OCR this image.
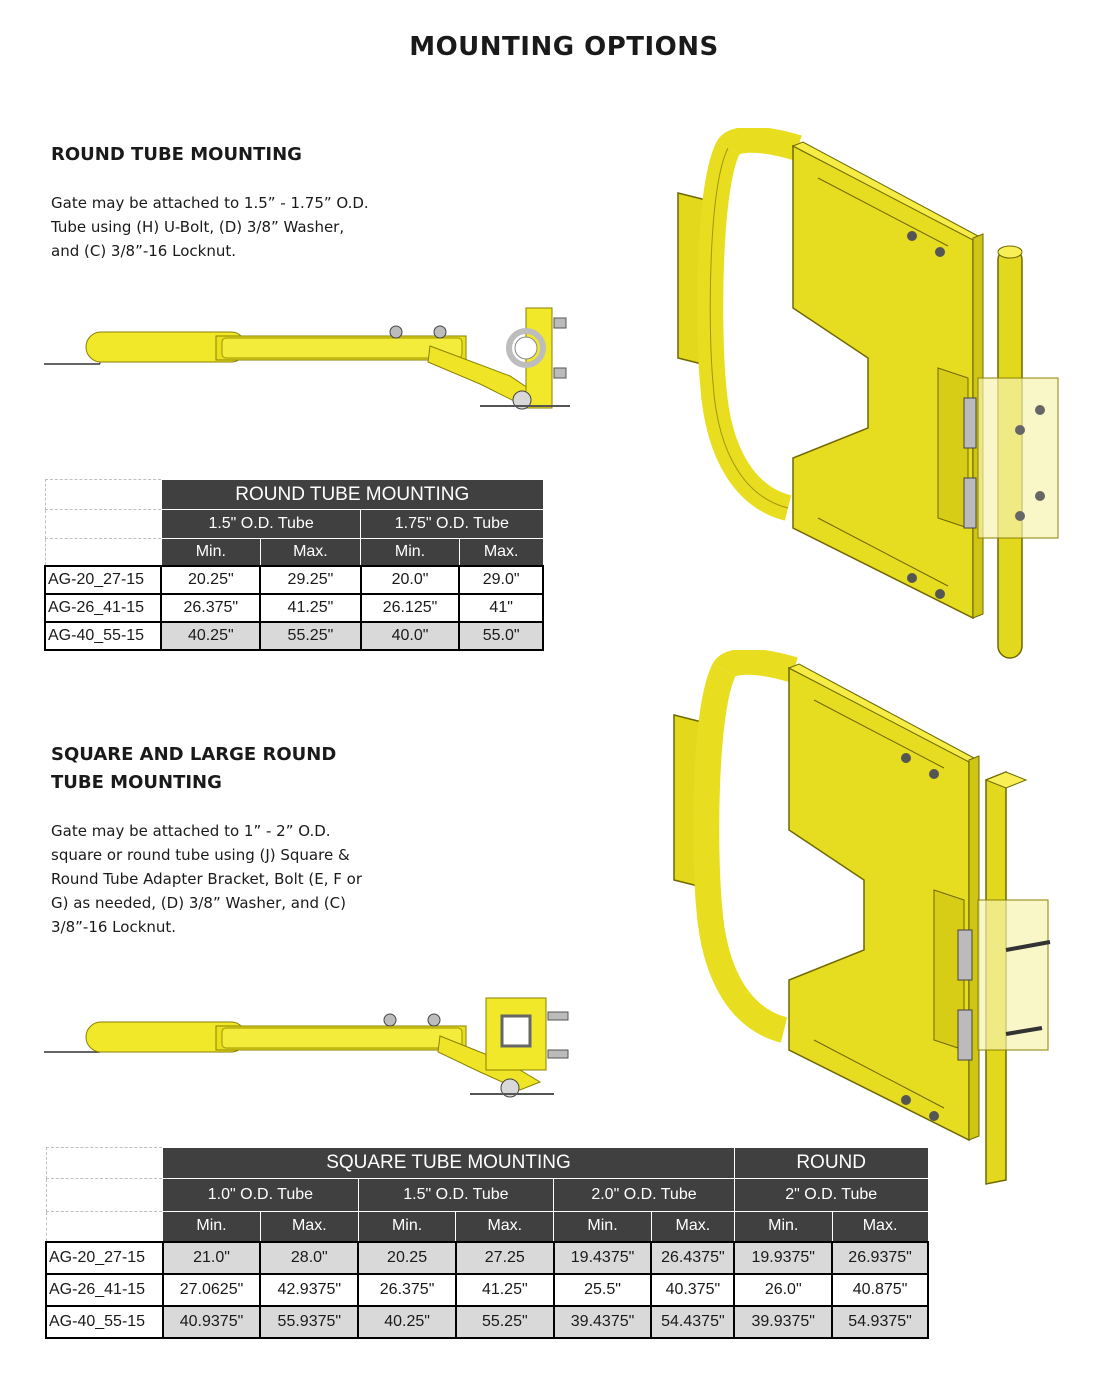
MOUNTING OPTIONS
ROUND TUBE MOUNTING
Gate may be attached to 1.5” - 1.75” O.D.
Tube using (H) U-Bolt, (D) 3/8” Washer,
and (C) 3/8”-16 Locknut.
	ROUND TUBE MOUNTING			
	1.5" O.D. Tube		1.75" O.D. Tube	
	Min.	Max.	Min.	Max.
AG-20_27-15	20.25"	29.25"	20.0"	29.0"
AG-26_41-15	26.375"	41.25"	26.125"	41"
AG-40_55-15	40.25"	55.25"	40.0"	55.0"
SQUARE AND LARGE ROUND
TUBE MOUNTING
Gate may be attached to 1” - 2” O.D.
square or round tube using (J) Square &
Round Tube Adapter Bracket, Bolt (E, F or
G) as needed, (D) 3/8” Washer, and (C)
3/8”-16 Locknut.
	SQUARE TUBE MOUNTING						ROUND	
	1.0" O.D. Tube		1.5" O.D. Tube		2.0" O.D. Tube		2" O.D. Tube	
	Min.	Max.	Min.	Max.	Min.	Max.	Min.	Max.
AG-20_27-15	21.0"	28.0"	20.25	27.25	19.4375"	26.4375"	19.9375"	26.9375"
AG-26_41-15	27.0625"	42.9375"	26.375"	41.25"	25.5"	40.375"	26.0"	40.875"
AG-40_55-15	40.9375"	55.9375"	40.25"	55.25"	39.4375"	54.4375"	39.9375"	54.9375"
